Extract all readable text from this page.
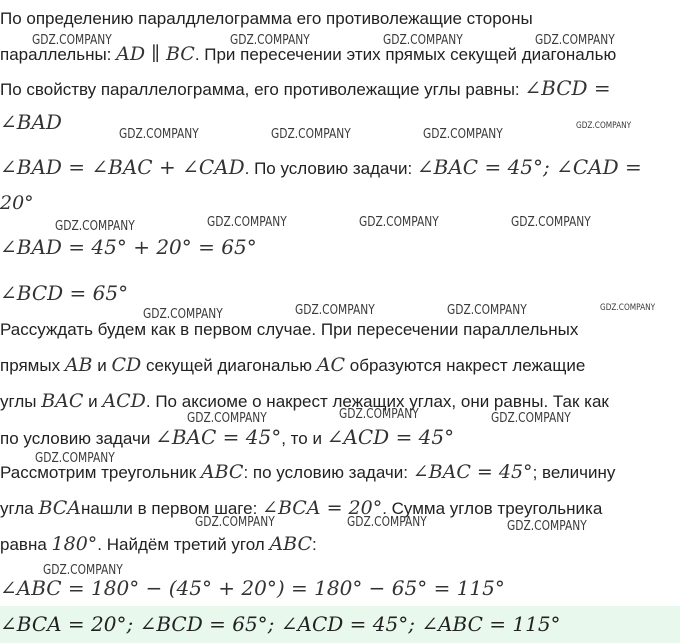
По определению паралдлелограмма его противолежащие стороны
параллельны: AD ∥ BC. При пересечении этих прямых секущей диагональю
По свойству параллелограмма, его противолежащие углы равны: ∠BCD =
∠BAD
∠BAD = ∠BAC + ∠CAD. По условию задачи: ∠BAC = 45°; ∠CAD =
20°
∠BAD = 45° + 20° = 65°
∠BCD = 65°
Рассуждать будем как в первом случае. При пересечении параллельных
прямых AB и CD секущей диагональю AC образуются накрест лежащие
углы BAC и ACD. По аксиоме о накрест лежащих углах, они равны. Так как
по условию задачи ∠BAC = 45°, то и ∠ACD = 45°
Рассмотрим треугольник ABC: по условию задачи: ∠BAC = 45°; величину
угла BCAнашли в первом шаге: ∠BCA = 20°. Сумма углов треугольника
равна 180°. Найдём третий угол ABC:
∠ABC = 180° − (45° + 20°) = 180° − 65° = 115°
∠BCA = 20°; ∠BCD = 65°; ∠ACD = 45°; ∠ABC = 115°
GDZ.COMPANY	GDZ.COMPANY	GDZ.COMPANY	GDZ.COMPANY
GDZ.COMPANY	GDZ.COMPANY	GDZ.COMPANY
GDZ.COMPANY
GDZ.COMPANY	GDZ.COMPANY	GDZ.COMPANY	GDZ.COMPANY
GDZ.COMPANY	GDZ.COMPANY	GDZ.COMPANY	GDZ.COMPANY
GDZ.COMPANY	GDZ.COMPANY	GDZ.COMPANY
GDZ.COMPANY
GDZ.COMPANY	GDZ.COMPANY	GDZ.COMPANY
GDZ.COMPANY
